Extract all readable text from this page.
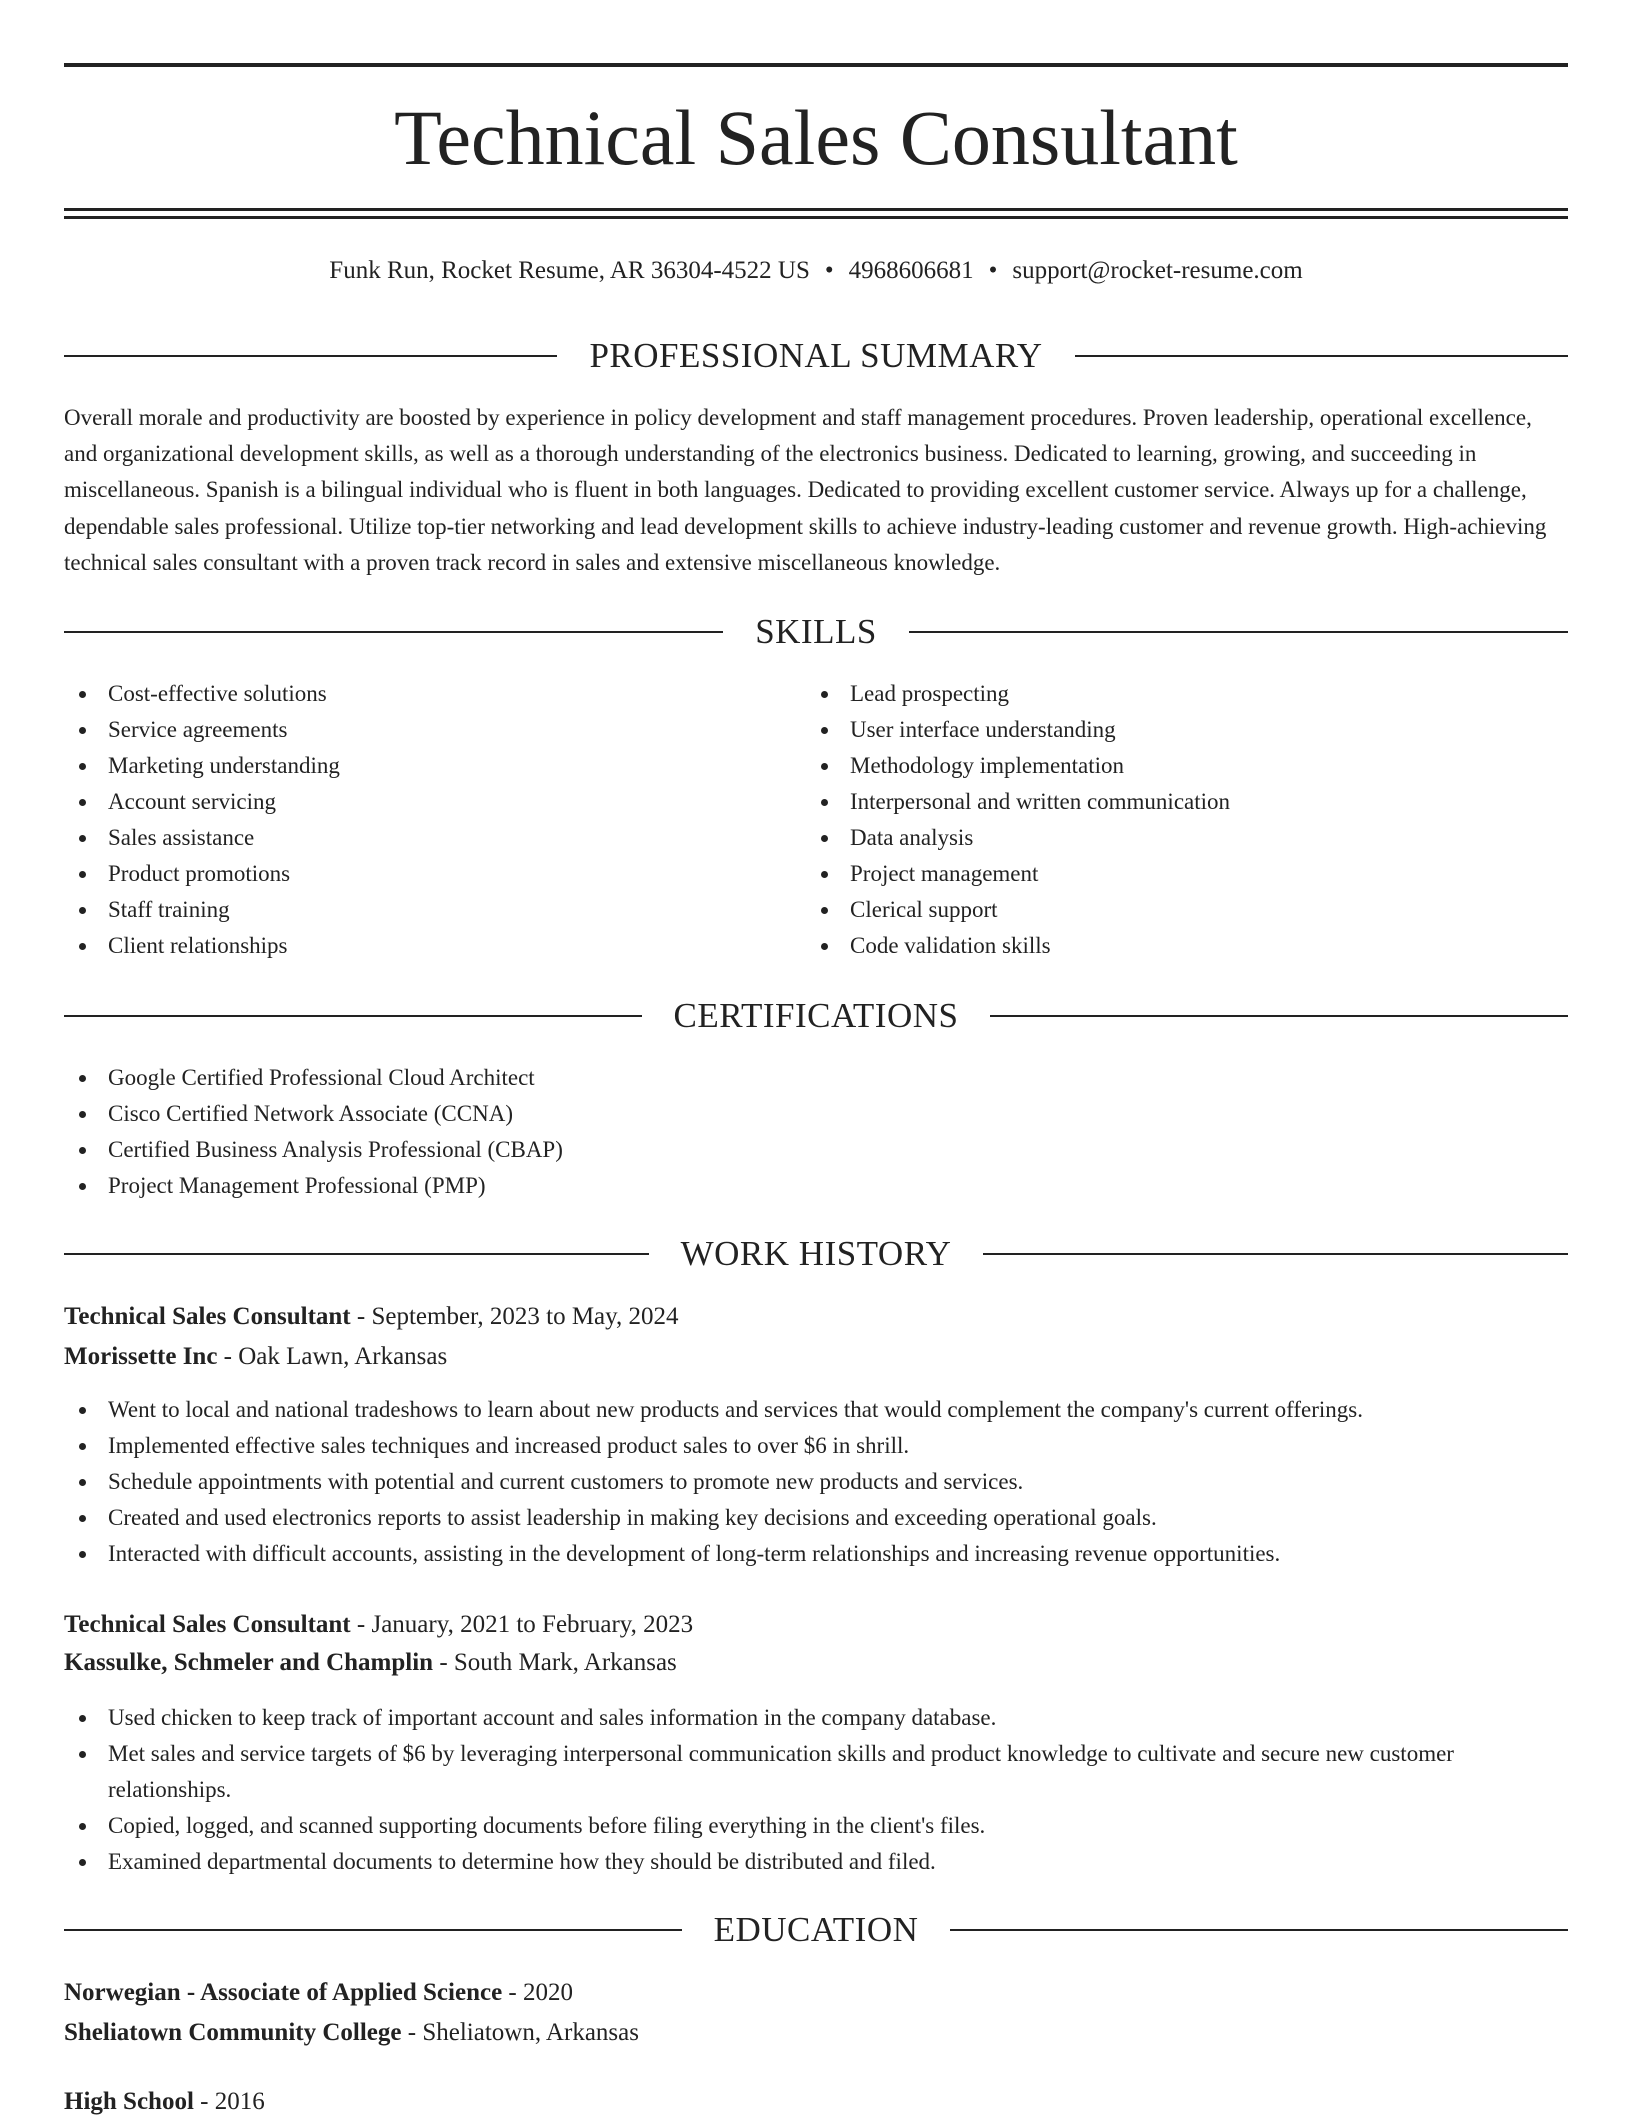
Technical Sales Consultant
Funk Run, Rocket Resume, AR 36304-4522 US • 4968606681 • support@rocket-resume.com
PROFESSIONAL SUMMARY

Overall morale and productivity are boosted by experience in policy development and staff management procedures. Proven leadership, operational excellence, and organizational development skills, as well as a thorough understanding of the electronics business. Dedicated to learning, growing, and succeeding in miscellaneous. Spanish is a bilingual individual who is fluent in both languages. Dedicated to providing excellent customer service. Always up for a challenge, dependable sales professional. Utilize top-tier networking and lead development skills to achieve industry-leading customer and revenue growth. High-achieving technical sales consultant with a proven track record in sales and extensive miscellaneous knowledge.

SKILLS
Cost-effective solutions
Service agreements
Marketing understanding
Account servicing
Sales assistance
Product promotions
Staff training
Client relationships
Lead prospecting
User interface understanding
Methodology implementation
Interpersonal and written communication
Data analysis
Project management
Clerical support
Code validation skills
CERTIFICATIONS
Google Certified Professional Cloud Architect
Cisco Certified Network Associate (CCNA)
Certified Business Analysis Professional (CBAP)
Project Management Professional (PMP)
WORK HISTORY
Technical Sales Consultant - September, 2023 to May, 2024
Morissette Inc - Oak Lawn, Arkansas
Went to local and national tradeshows to learn about new products and services that would complement the company's current offerings.
Implemented effective sales techniques and increased product sales to over $6 in shrill.
Schedule appointments with potential and current customers to promote new products and services.
Created and used electronics reports to assist leadership in making key decisions and exceeding operational goals.
Interacted with difficult accounts, assisting in the development of long-term relationships and increasing revenue opportunities.
Technical Sales Consultant - January, 2021 to February, 2023
Kassulke, Schmeler and Champlin - South Mark, Arkansas
Used chicken to keep track of important account and sales information in the company database.
Met sales and service targets of $6 by leveraging interpersonal communication skills and product knowledge to cultivate and secure new customer relationships.
Copied, logged, and scanned supporting documents before filing everything in the client's files.
Examined departmental documents to determine how they should be distributed and filed.
EDUCATION
Norwegian - Associate of Applied Science - 2020
Sheliatown Community College - Sheliatown, Arkansas
High School - 2016
